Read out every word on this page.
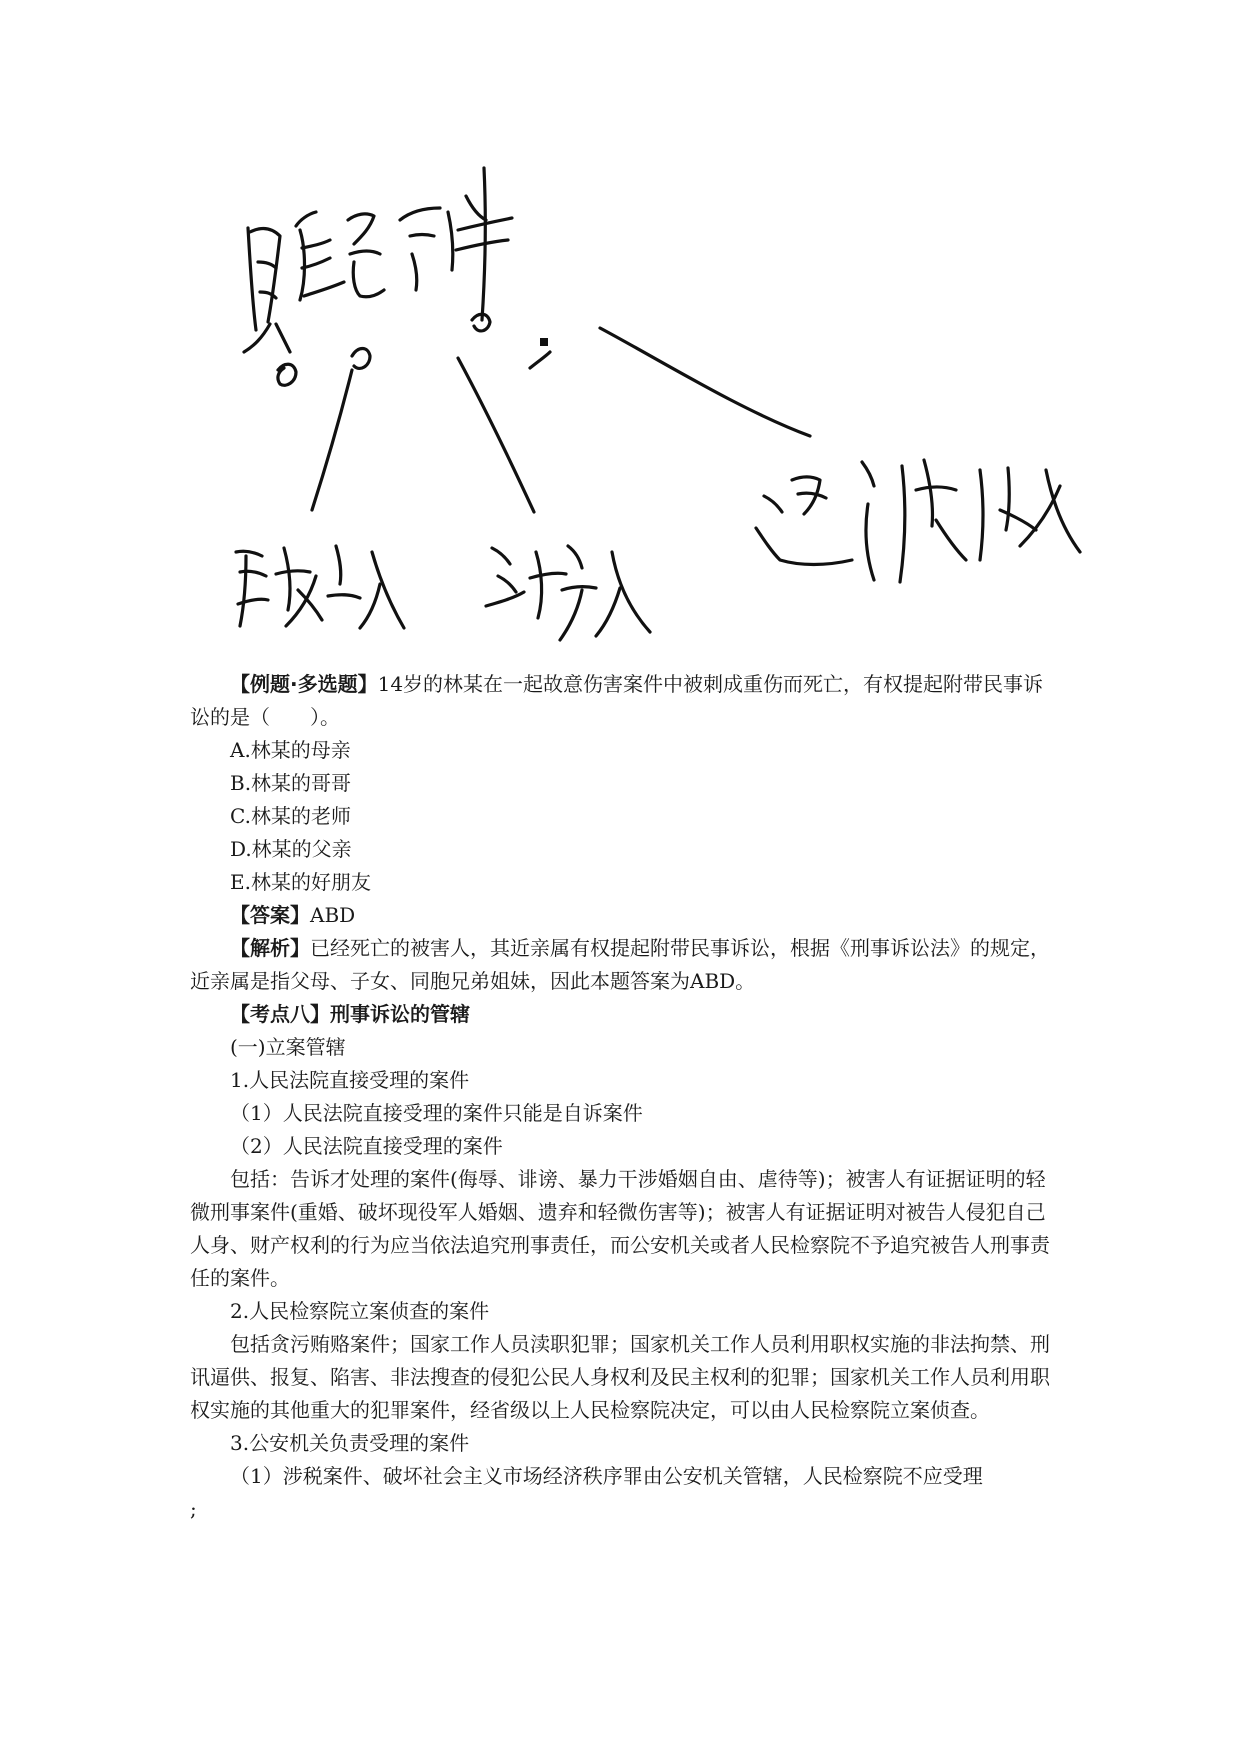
【例题·多选题】14岁的林某在一起故意伤害案件中被刺成重伤而死亡，有权提起附带民事诉讼的是（　　）。

A.林某的母亲

B.林某的哥哥

C.林某的老师

D.林某的父亲

E.林某的好朋友

【答案】ABD

【解析】已经死亡的被害人，其近亲属有权提起附带民事诉讼，根据《刑事诉讼法》的规定，近亲属是指父母、子女、同胞兄弟姐妹，因此本题答案为ABD。

【考点八】刑事诉讼的管辖

(一)立案管辖

1.人民法院直接受理的案件

（1）人民法院直接受理的案件只能是自诉案件

（2）人民法院直接受理的案件

包括：告诉才处理的案件(侮辱、诽谤、暴力干涉婚姻自由、虐待等)；被害人有证据证明的轻微刑事案件(重婚、破坏现役军人婚姻、遗弃和轻微伤害等)；被害人有证据证明对被告人侵犯自己人身、财产权利的行为应当依法追究刑事责任，而公安机关或者人民检察院不予追究被告人刑事责任的案件。

2.人民检察院立案侦查的案件

包括贪污贿赂案件；国家工作人员渎职犯罪；国家机关工作人员利用职权实施的非法拘禁、刑讯逼供、报复、陷害、非法搜查的侵犯公民人身权利及民主权利的犯罪；国家机关工作人员利用职权实施的其他重大的犯罪案件，经省级以上人民检察院决定，可以由人民检察院立案侦查。

3.公安机关负责受理的案件

（1）涉税案件、破坏社会主义市场经济秩序罪由公安机关管辖，人民检察院不应受理

;
